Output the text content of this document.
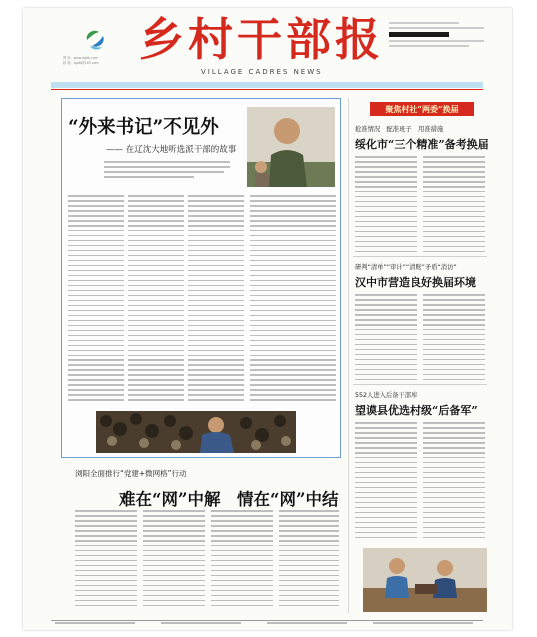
网 址：www.xgdb.com
邮 箱：xgdb@163.com 乡村干部报
VILLAGE CADRES NEWS
“外来书记”不见外
—— 在辽沈大地听选派干部的故事
浏阳全面推行“党建+微网格”行动
难在“网”中解　情在“网”中结
聚焦村社“两委”换届
抢准情况　配准班子　用准措施
绥化市“三个精准”备考换届
研判“清单”“审计”“清账”矛盾“消访”
汉中市营造良好换届环境
552人进入后备干部库
望谟县优选村级“后备军”
